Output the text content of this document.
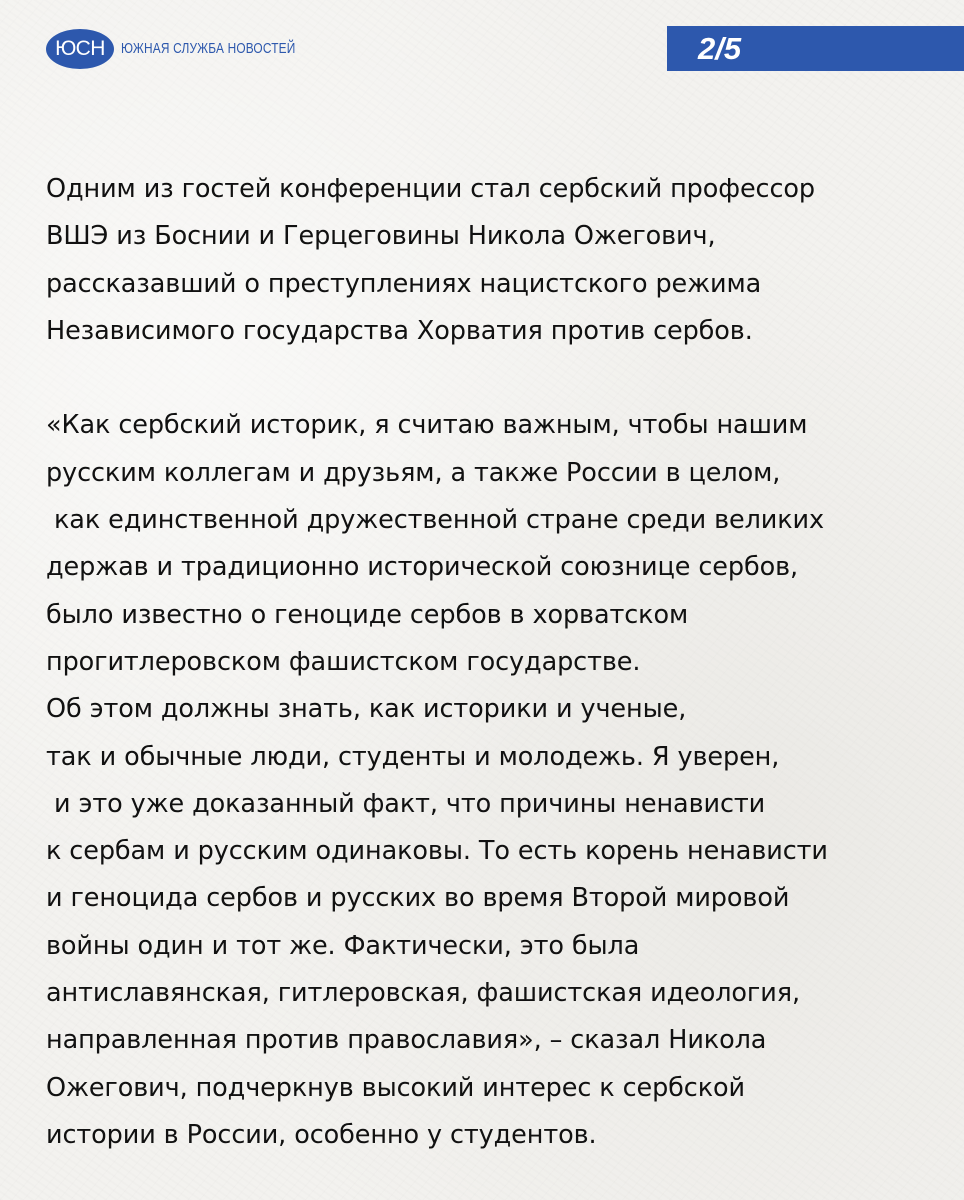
ЮСН	ЮЖНАЯ СЛУЖБА НОВОСТЕЙ	2/5
Одним из гостей конференции стал сербский профессор
ВШЭ из Боснии и Герцеговины Никола Ожегович,
рассказавший о преступлениях нацистского режима
Независимого государства Хорватия против сербов.
«Как сербский историк, я считаю важным, чтобы нашим
русским коллегам и друзьям, а также России в целом,
как единственной дружественной стране среди великих
держав и традиционно исторической союзнице сербов,
было известно о геноциде сербов в хорватском
прогитлеровском фашистском государстве.
Об этом должны знать, как историки и ученые,
так и обычные люди, студенты и молодежь. Я уверен,
и это уже доказанный факт, что причины ненависти
к сербам и русским одинаковы. То есть корень ненависти
и геноцида сербов и русских во время Второй мировой
войны один и тот же. Фактически, это была
антиславянская, гитлеровская, фашистская идеология,
направленная против православия», – сказал Никола
Ожегович, подчеркнув высокий интерес к сербской
истории в России, особенно у студентов.
